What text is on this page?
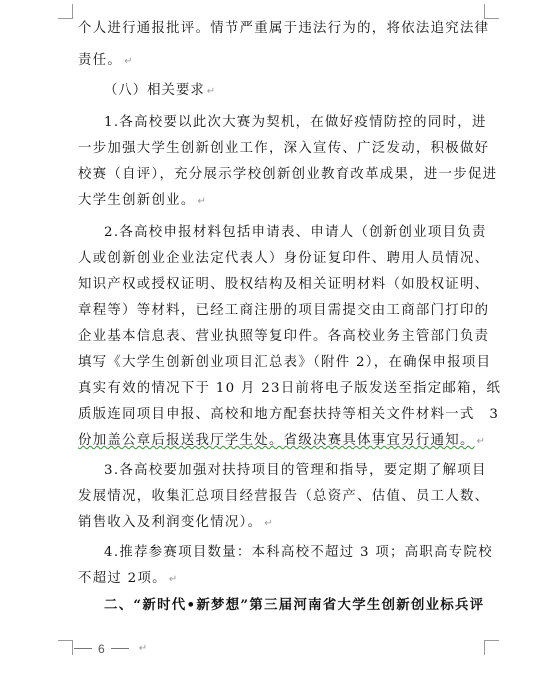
个人进行通报批评。情节严重属于违法行为的，将依法追究法律
责任。 ↵
（八）相关要求 ↵
1.各高校要以此次大赛为契机，在做好疫情防控的同时，进
一步加强大学生创新创业工作，深入宣传、广泛发动，积极做好
校赛（自评），充分展示学校创新创业教育改革成果，进一步促进
大学生创新创业。 ↵
2.各高校申报材料包括申请表、申请人（创新创业项目负责
人或创新创业企业法定代表人）身份证复印件、聘用人员情况、
知识产权或授权证明、股权结构及相关证明材料（如股权证明、
章程等）等材料，已经工商注册的项目需提交由工商部门打印的
企业基本信息表、营业执照等复印件。各高校业务主管部门负责
填写《大学生创新创业项目汇总表》（附件 2），在确保申报项目
真实有效的情况下于 10 月 23日前将电子版发送至指定邮箱，纸
质版连同项目申报、高校和地方配套扶持等相关文件材料一式　3
份加盖公章后报送我厅学生处。省级决赛具体事宜另行通知。 ↵
3.各高校要加强对扶持项目的管理和指导，要定期了解项目
发展情况，收集汇总项目经营报告（总资产、估值、员工人数、
销售收入及利润变化情况）。 ↵
4.推荐参赛项目数量：本科高校不超过 3 项；高职高专院校
不超过 2项。 ↵
二、“新时代•新梦想”第三届河南省大学生创新创业标兵评
6	↵
